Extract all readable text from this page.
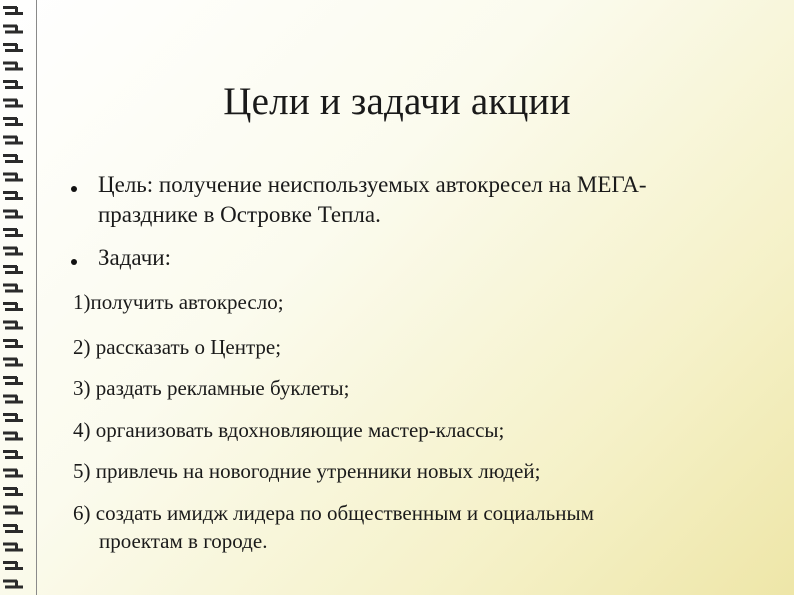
Цели и задачи акции
Цель: получение неиспользуемых автокресел на МЕГА-празднике в Островке Тепла.
Задачи:
1)получить автокресло;
2) рассказать о Центре;
3) раздать рекламные буклеты;
4) организовать вдохновляющие мастер-классы;
5) привлечь на новогодние утренники новых людей;
6) создать имидж лидера по общественным и социальным
проектам в городе.
